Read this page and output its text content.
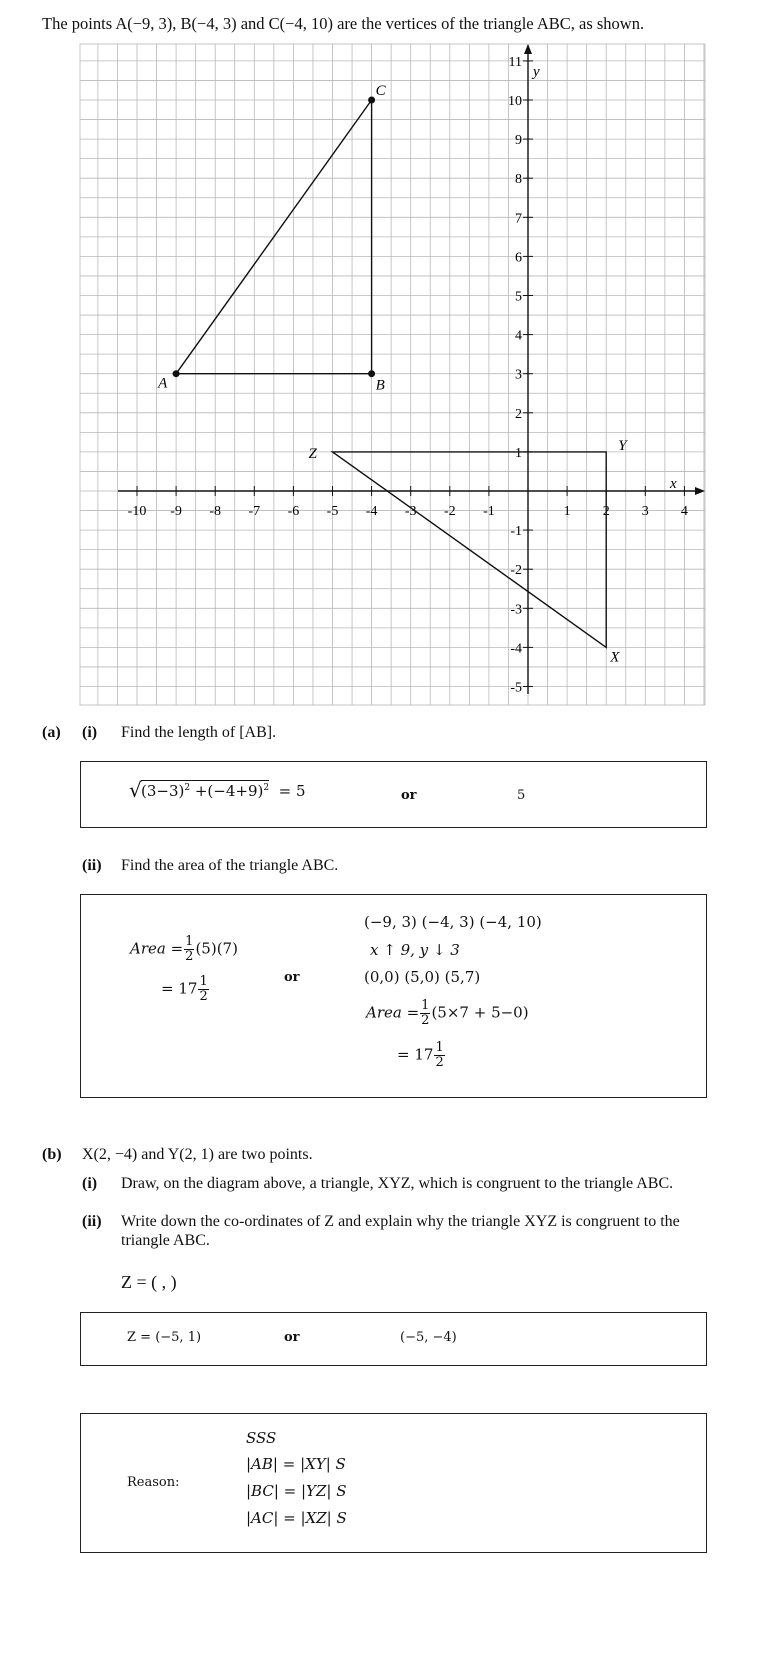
The points A(−9, 3), B(−4, 3) and C(−4, 10) are the vertices of the triangle ABC, as shown.
x
y
-10 -9 -8 -7 -6 -5 -4 -3 -2 -1	1 2 3 4
11
10
9
8
7
6
5
4
3
2
1
-1
-2
-3
-4
-5
A	B
C
Z	Y
X
(a) (i) Find the length of [AB].
√ $(3-3)^2 +(-4+9)^2 = 5$	or	5
(ii) Find the area of the triangle ABC.
Area = $\frac{1}{2} (5)(7)$
= $17 \frac{1}{2}$	or
(−9, 3) (−4, 3) (−4, 10)
x ↑ 9, y ↓ 3
(0,0) (5,0) (5,7)
Area = $\frac{1}{2} (5\times 7 + 5-0)$
= $17 \frac{1}{2}$
(b) X(2, −4) and Y(2, 1) are two points.
(i) Draw, on the diagram above, a triangle, XYZ, which is congruent to the triangle ABC.
(ii) Write down the co-ordinates of Z and explain why the triangle XYZ is congruent to the
triangle ABC.
Z = ( , )
Z = (−5, 1)	or	(−5, −4)
Reason:
SSS
|AB| = |XY| S
|BC| = |YZ| S
|AC| = |XZ| S
